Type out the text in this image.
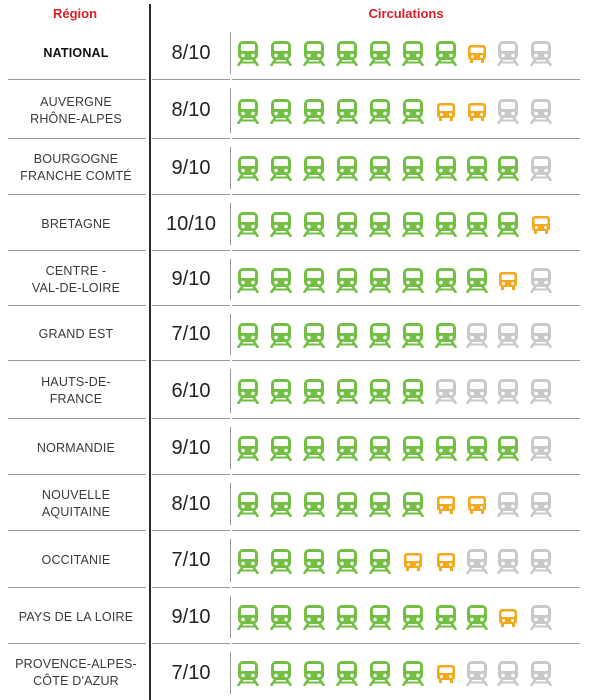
Région	Circulations
NATIONAL	8/10
AUVERGNE
RHÔNE-ALPES	8/10
BOURGOGNE
FRANCHE COMTÉ	9/10
BRETAGNE	10/10
CENTRE -
VAL-DE-LOIRE	9/10
GRAND EST	7/10
HAUTS-DE-
FRANCE	6/10
NORMANDIE	9/10
NOUVELLE
AQUITAINE	8/10
OCCITANIE	7/10
PAYS DE LA LOIRE	9/10
PROVENCE-ALPES-
CÔTE D'AZUR	7/10
